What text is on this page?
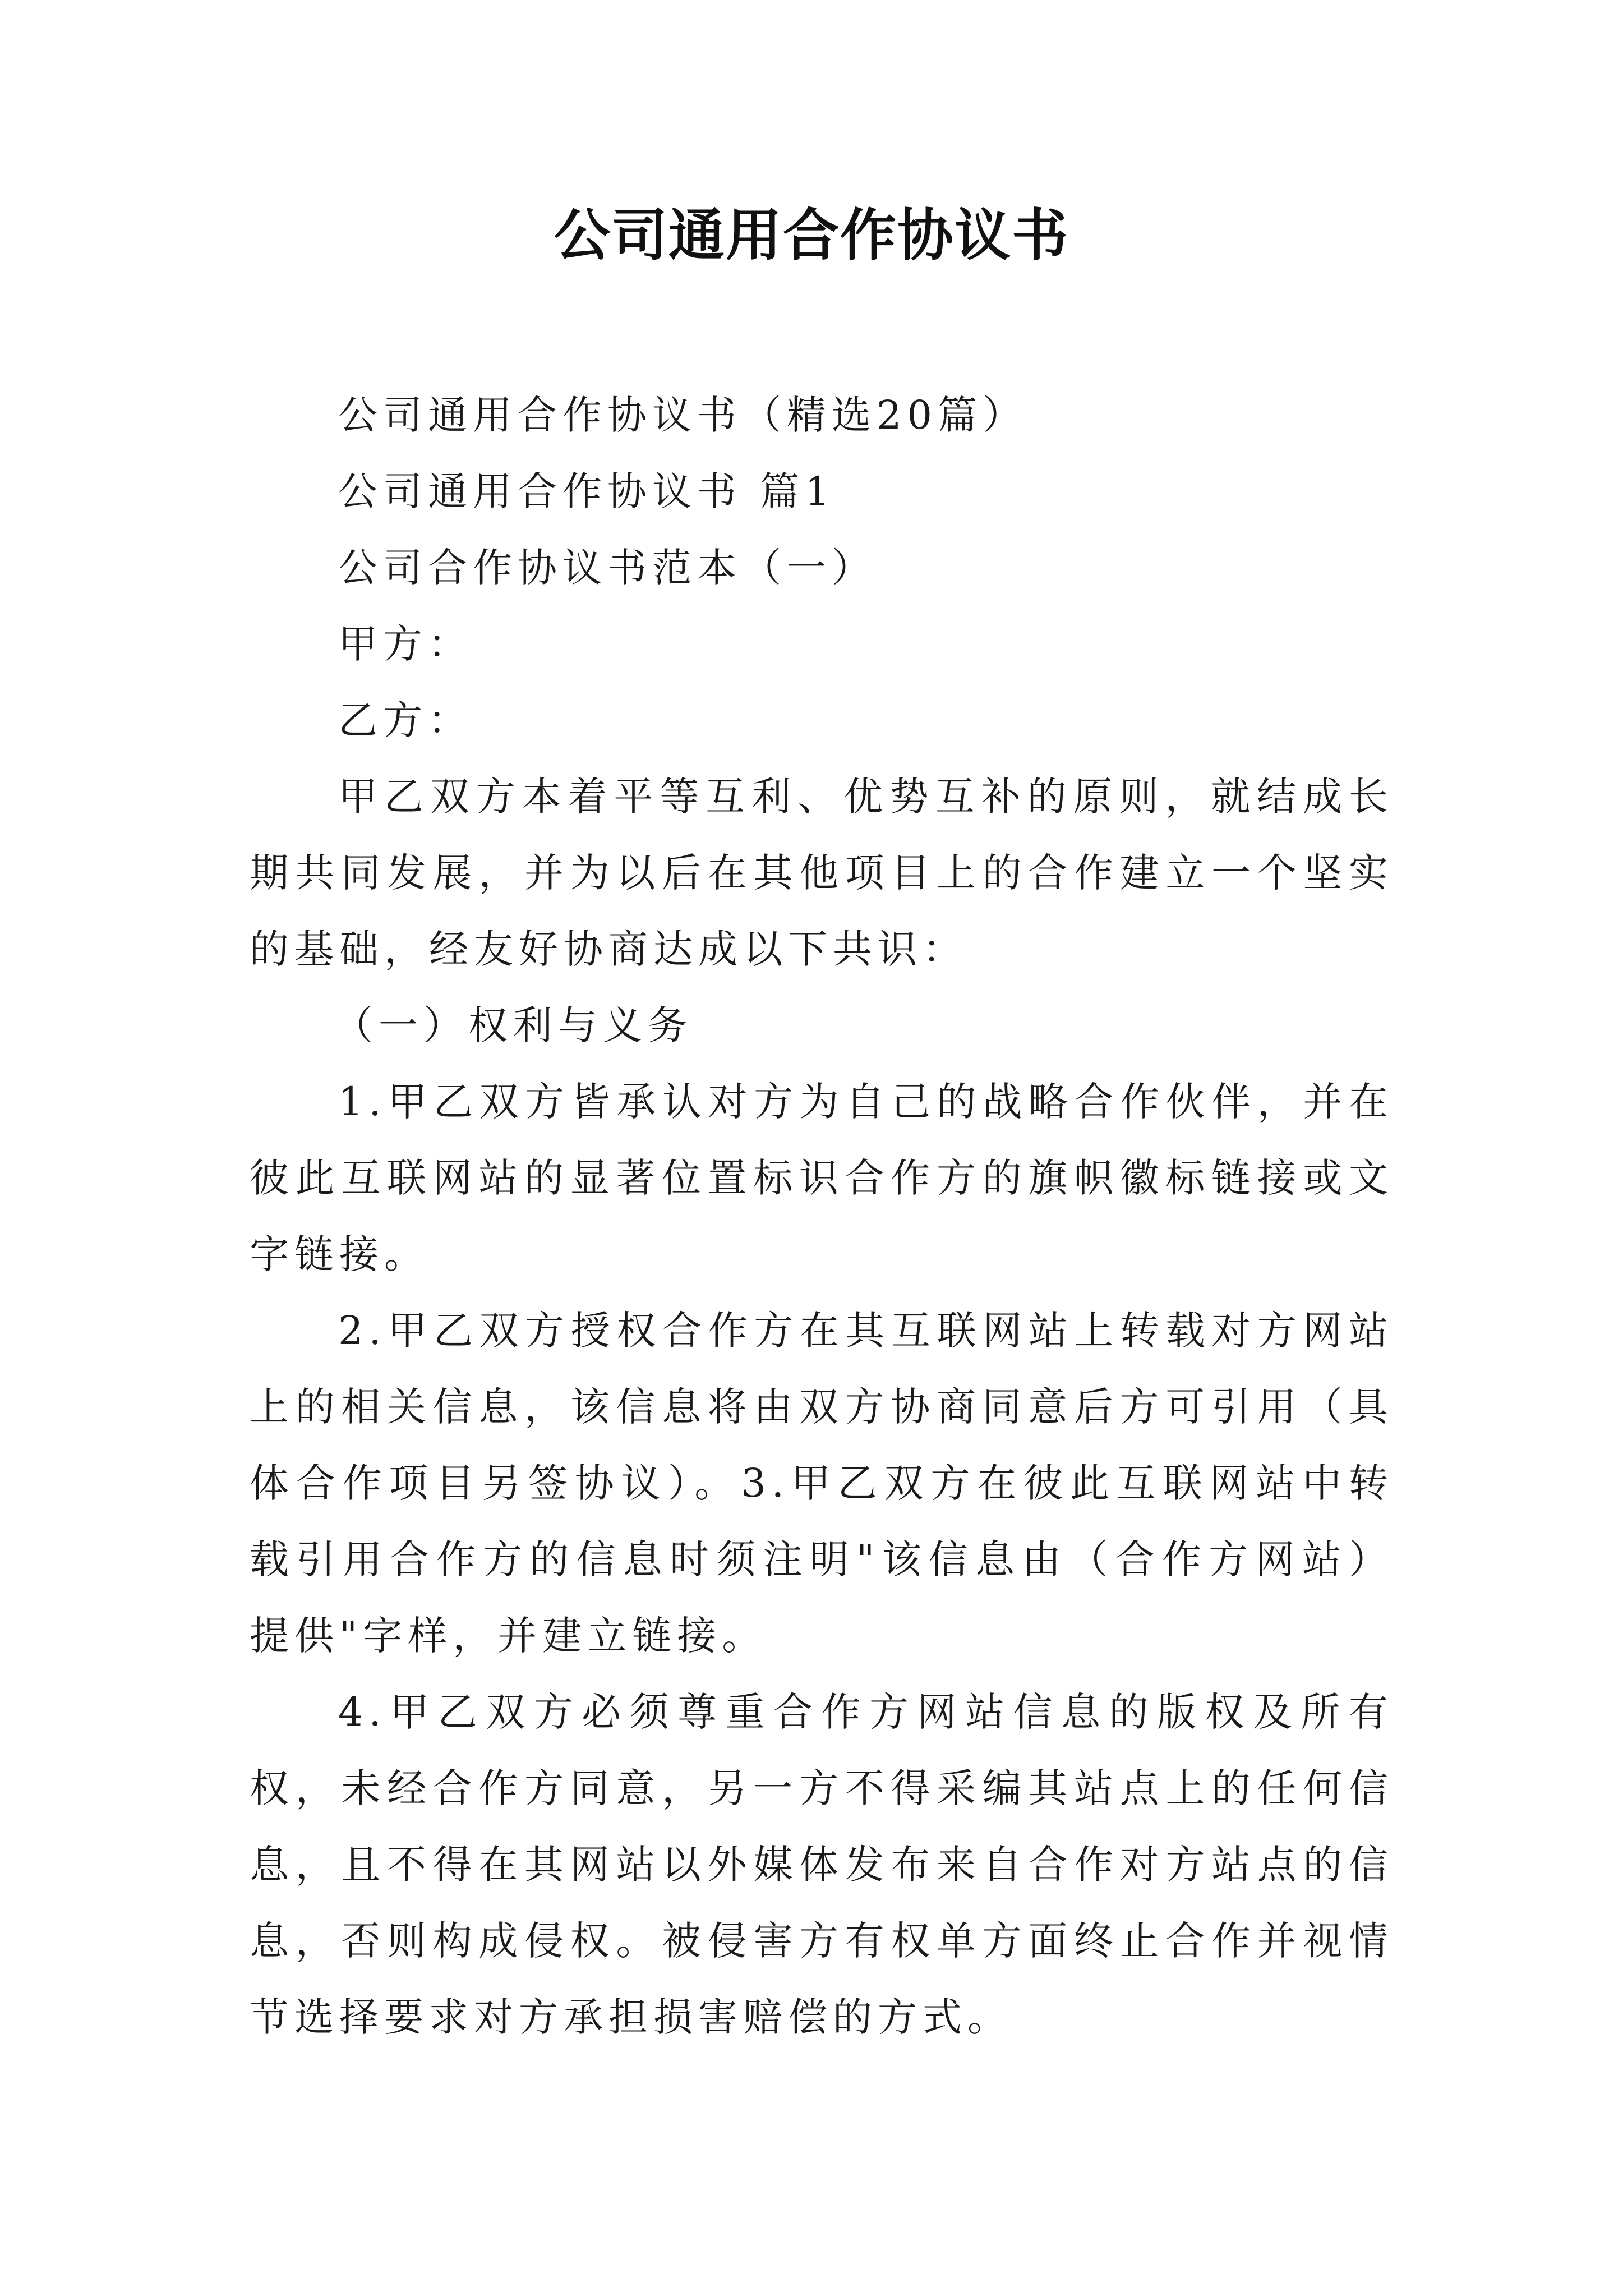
公司通用合作协议书

公司通用合作协议书（精选20篇）

公司通用合作协议书 篇1

公司合作协议书范本（一）

甲方：

乙方：

甲乙双方本着平等互利、优势互补的原则，就结成长期共同发展，并为以后在其他项目上的合作建立一个坚实的基础，经友好协商达成以下共识：

（一）权利与义务

1.甲乙双方皆承认对方为自己的战略合作伙伴，并在彼此互联网站的显著位置标识合作方的旗帜徽标链接或文字链接。

2.甲乙双方授权合作方在其互联网站上转载对方网站上的相关信息，该信息将由双方协商同意后方可引用（具体合作项目另签协议）。3.甲乙双方在彼此互联网站中转载引用合作方的信息时须注明"该信息由（合作方网站）提供"字样，并建立链接。

4.甲乙双方必须尊重合作方网站信息的版权及所有权，未经合作方同意，另一方不得采编其站点上的任何信息，且不得在其网站以外媒体发布来自合作对方站点的信息，否则构成侵权。被侵害方有权单方面终止合作并视情节选择要求对方承担损害赔偿的方式。
